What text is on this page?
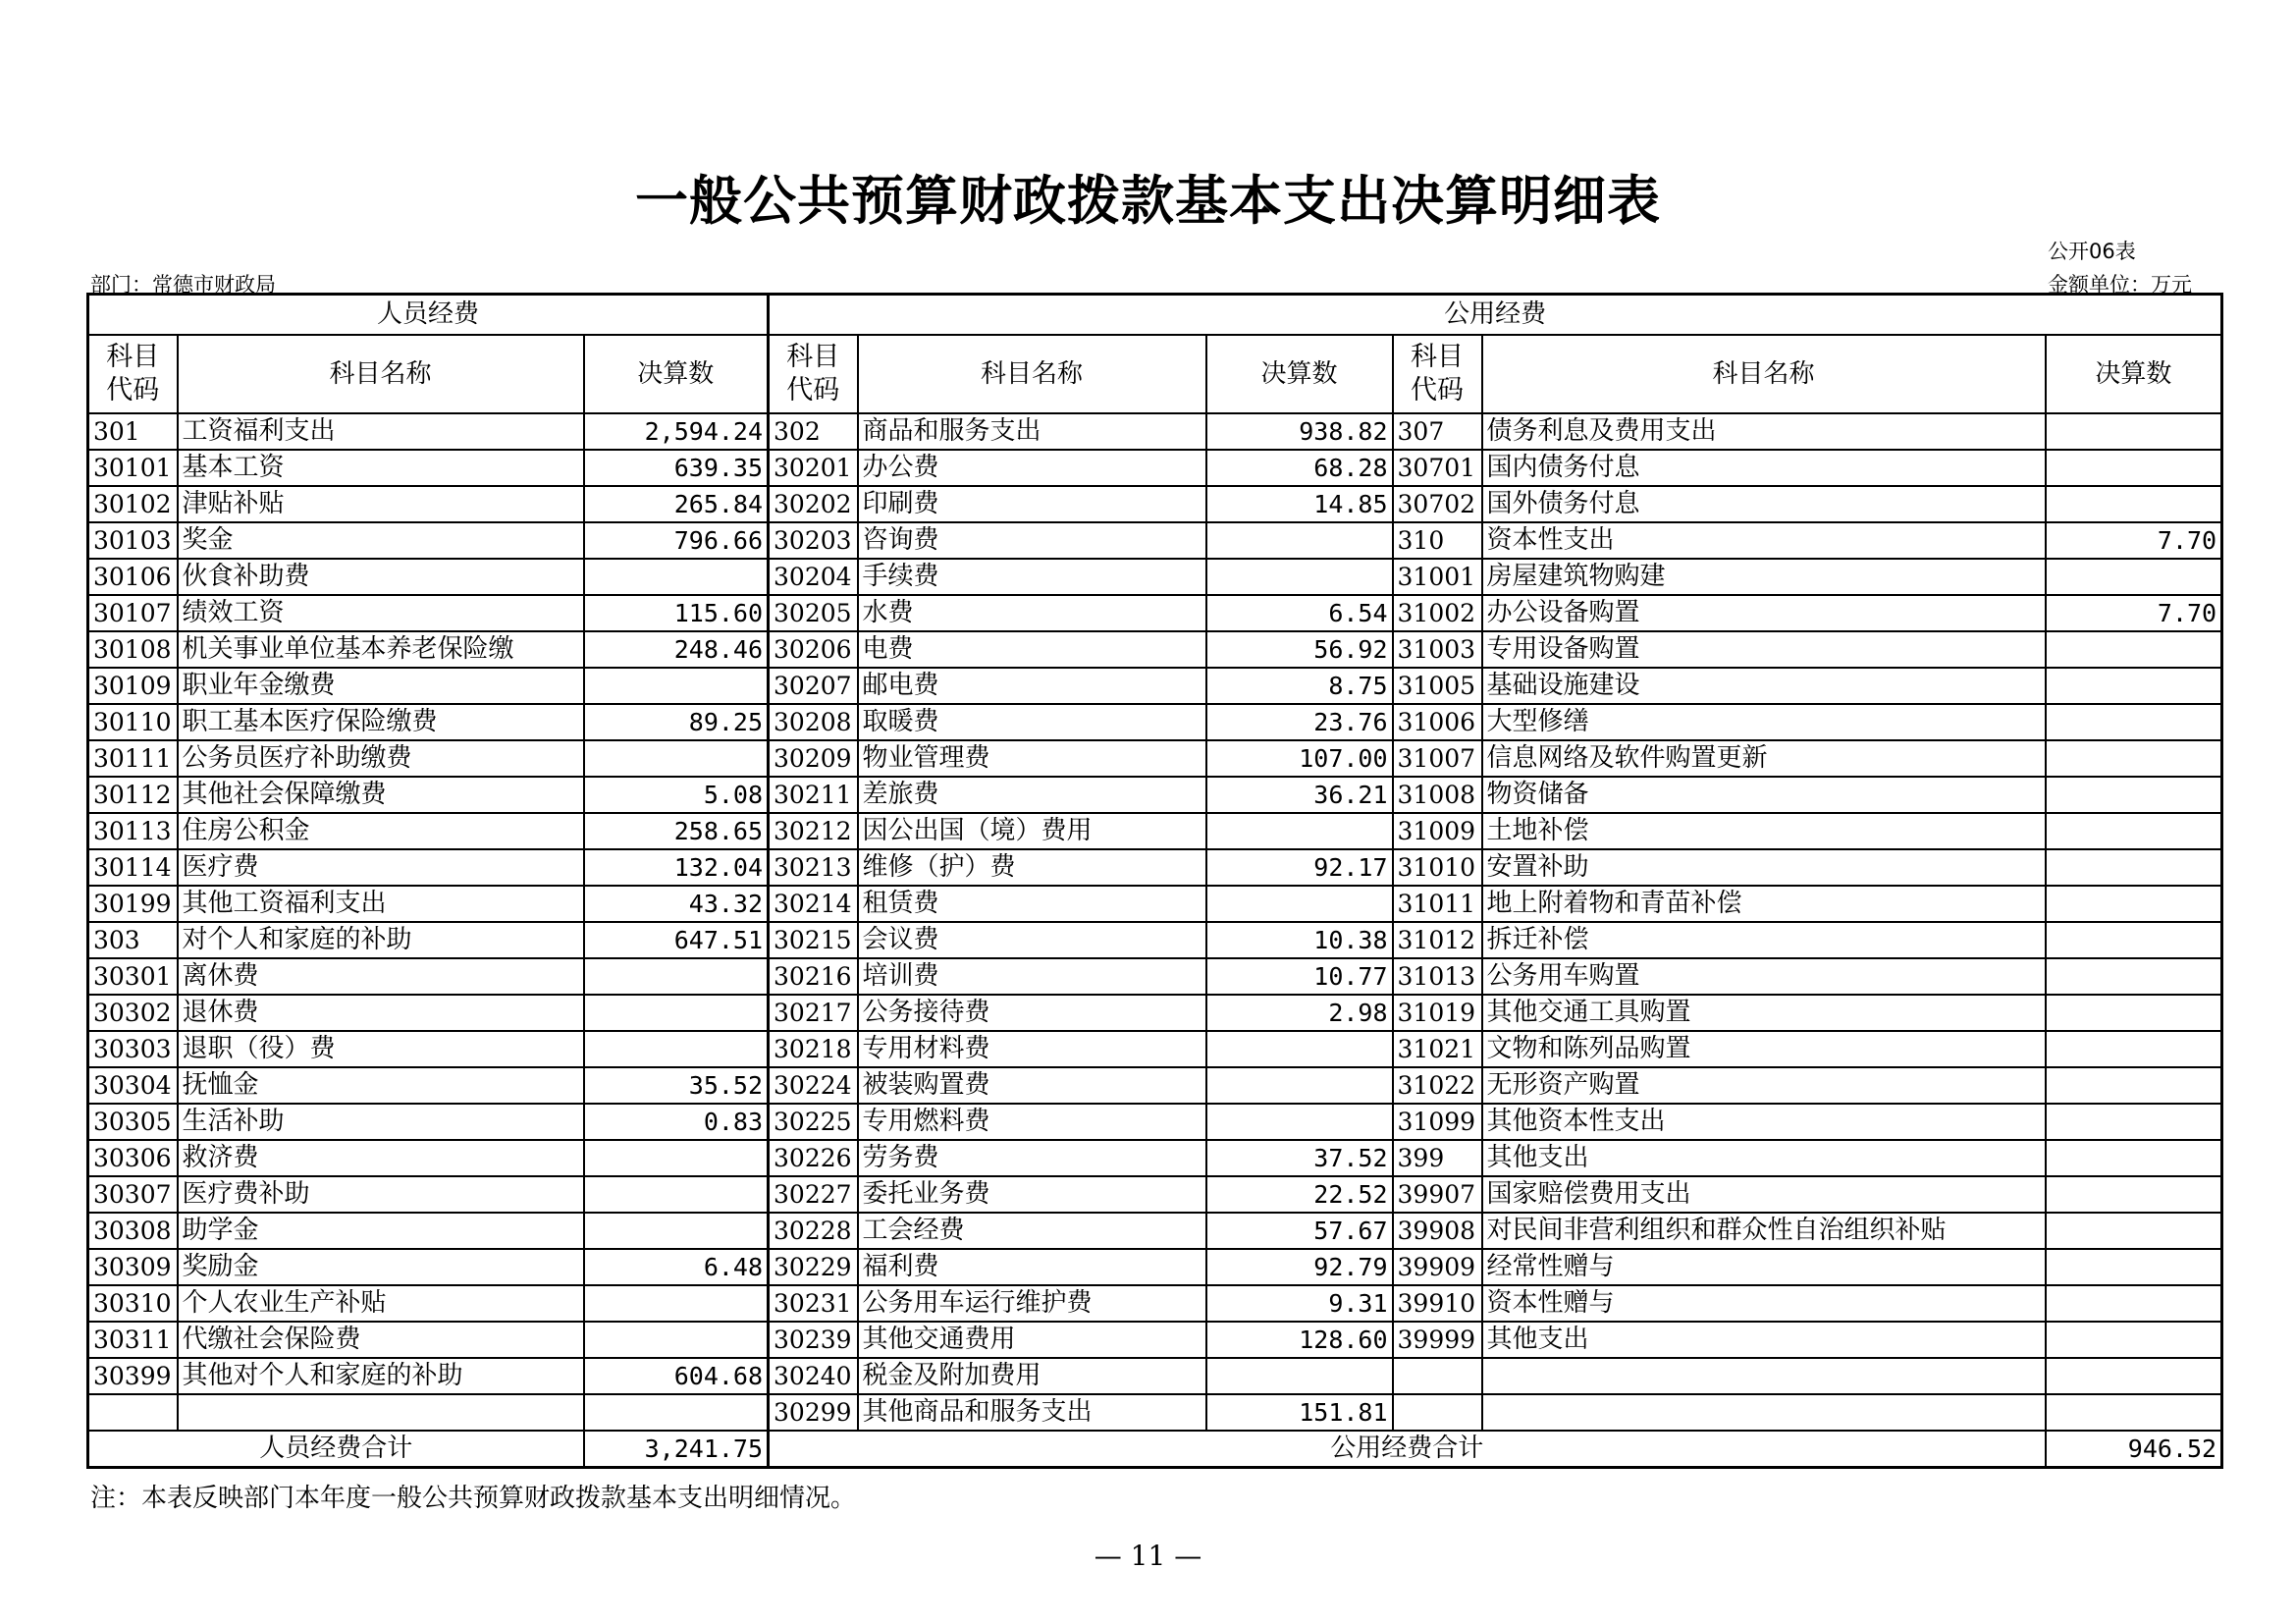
一般公共预算财政拨款基本支出决算明细表
公开06表
部门：常德市财政局	金额单位：万元
人员经费			公用经费					
科目代码	科目名称	决算数	科目代码	科目名称	决算数	科目代码	科目名称	决算数
301	工资福利支出	2,594.24	302	商品和服务支出	938.82	307	债务利息及费用支出	
30101	基本工资	639.35	30201	办公费	68.28	30701	国内债务付息	
30102	津贴补贴	265.84	30202	印刷费	14.85	30702	国外债务付息	
30103	奖金	796.66	30203	咨询费		310	资本性支出	7.70
30106	伙食补助费		30204	手续费		31001	房屋建筑物购建	
30107	绩效工资	115.60	30205	水费	6.54	31002	办公设备购置	7.70
30108	机关事业单位基本养老保险缴	248.46	30206	电费	56.92	31003	专用设备购置	
30109	职业年金缴费		30207	邮电费	8.75	31005	基础设施建设	
30110	职工基本医疗保险缴费	89.25	30208	取暖费	23.76	31006	大型修缮	
30111	公务员医疗补助缴费		30209	物业管理费	107.00	31007	信息网络及软件购置更新	
30112	其他社会保障缴费	5.08	30211	差旅费	36.21	31008	物资储备	
30113	住房公积金	258.65	30212	因公出国（境）费用		31009	土地补偿	
30114	医疗费	132.04	30213	维修（护）费	92.17	31010	安置补助	
30199	其他工资福利支出	43.32	30214	租赁费		31011	地上附着物和青苗补偿	
303	对个人和家庭的补助	647.51	30215	会议费	10.38	31012	拆迁补偿	
30301	离休费		30216	培训费	10.77	31013	公务用车购置	
30302	退休费		30217	公务接待费	2.98	31019	其他交通工具购置	
30303	退职（役）费		30218	专用材料费		31021	文物和陈列品购置	
30304	抚恤金	35.52	30224	被装购置费		31022	无形资产购置	
30305	生活补助	0.83	30225	专用燃料费		31099	其他资本性支出	
30306	救济费		30226	劳务费	37.52	399	其他支出	
30307	医疗费补助		30227	委托业务费	22.52	39907	国家赔偿费用支出	
30308	助学金		30228	工会经费	57.67	39908	对民间非营利组织和群众性自治组织补贴	
30309	奖励金	6.48	30229	福利费	92.79	39909	经常性赠与	
30310	个人农业生产补贴		30231	公务用车运行维护费	9.31	39910	资本性赠与	
30311	代缴社会保险费		30239	其他交通费用	128.60	39999	其他支出	
30399	其他对个人和家庭的补助	604.68	30240	税金及附加费用				
			30299	其他商品和服务支出	151.81			
人员经费合计		3,241.75	公用经费合计					946.52
注：本表反映部门本年度一般公共预算财政拨款基本支出明细情况。
— 11 —
